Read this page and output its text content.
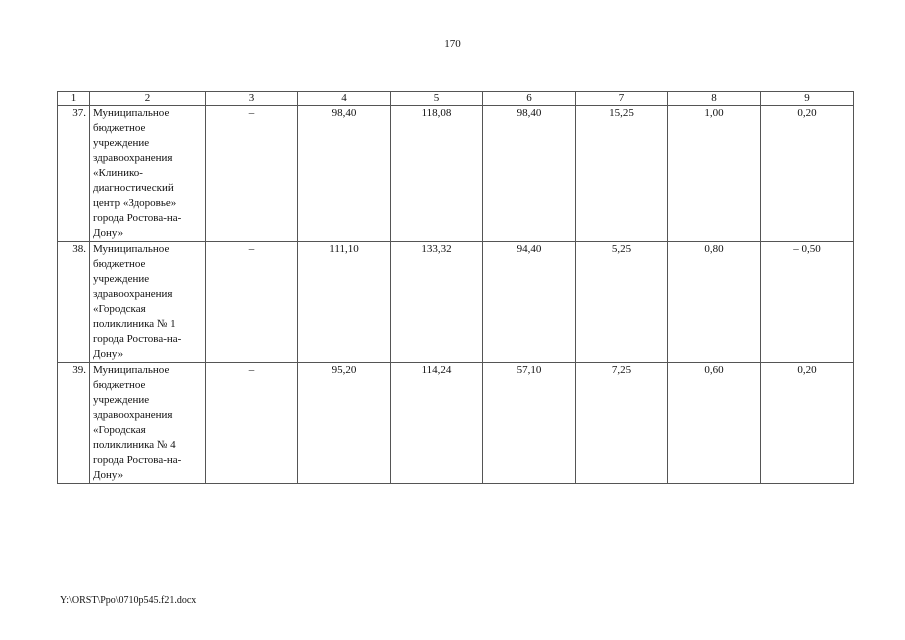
170
1	2	3	4	5	6	7	8	9
37.	Муниципальное бюджетное учреждение здравоохранения «Клинико-диагностический центр «Здоровье» города Ростова-на-Дону»	–	98,40	118,08	98,40	15,25	1,00	0,20
38.	Муниципальное бюджетное учреждение здравоохранения «Городская поликлиника № 1 города Ростова-на-Дону»	–	111,10	133,32	94,40	5,25	0,80	– 0,50
39.	Муниципальное бюджетное учреждение здравоохранения «Городская поликлиника № 4 города Ростова-на-Дону»	–	95,20	114,24	57,10	7,25	0,60	0,20
Y:\ORST\Ppo\0710p545.f21.docx
